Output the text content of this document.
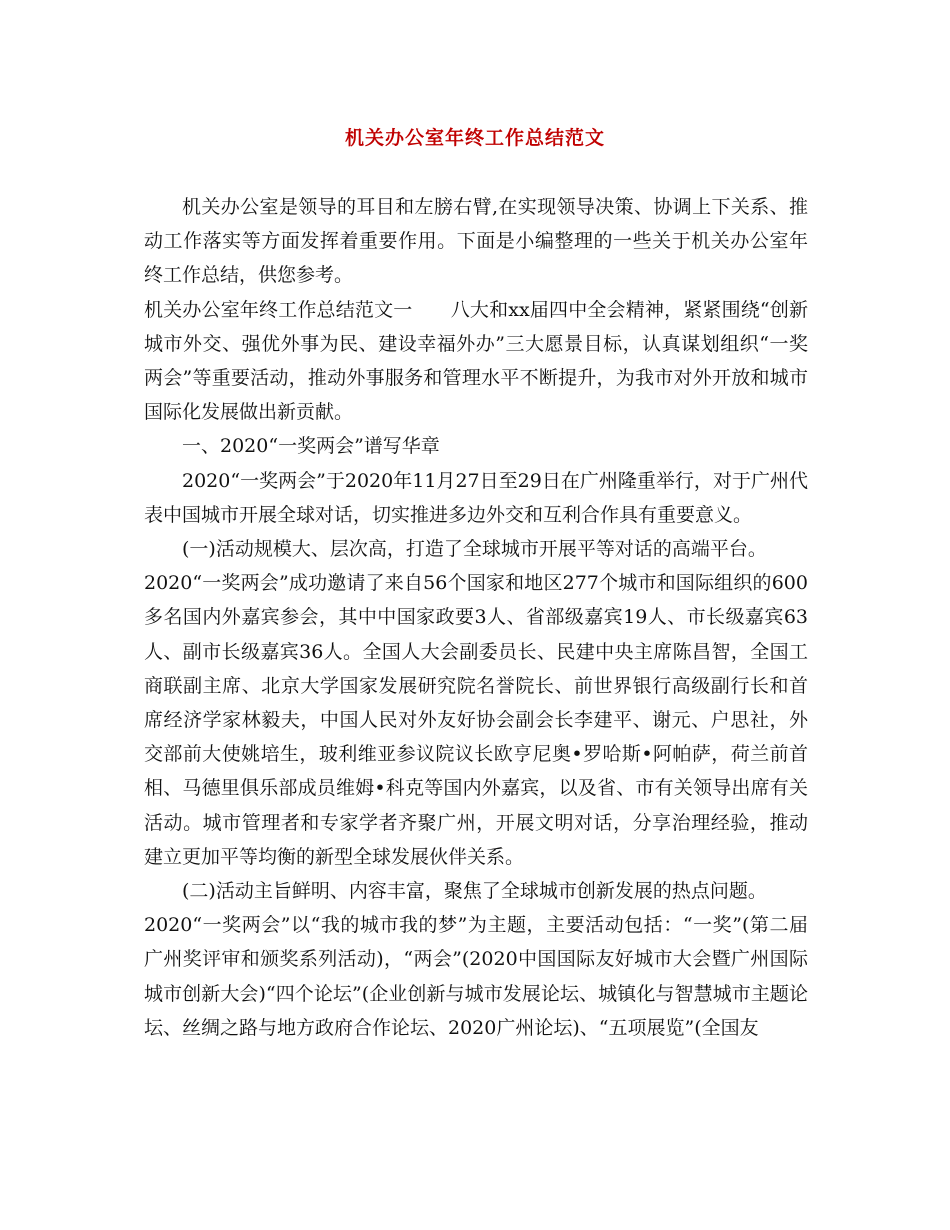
机关办公室年终工作总结范文

机关办公室是领导的耳目和左膀右臂,在实现领导决策、协调上下关系、推动工作落实等方面发挥着重要作用。下面是小编整理的一些关于机关办公室年终工作总结，供您参考。

机关办公室年终工作总结范文一　　八大和xx届四中全会精神，紧紧围绕“创新城市外交、强优外事为民、建设幸福外办”三大愿景目标，认真谋划组织“一奖两会”等重要活动，推动外事服务和管理水平不断提升，为我市对外开放和城市国际化发展做出新贡献。

一、2020“一奖两会”谱写华章

2020“一奖两会”于2020年11月27日至29日在广州隆重举行，对于广州代表中国城市开展全球对话，切实推进多边外交和互利合作具有重要意义。

(一)活动规模大、层次高，打造了全球城市开展平等对话的高端平台。

2020“一奖两会”成功邀请了来自56个国家和地区277个城市和国际组织的600多名国内外嘉宾参会，其中中国家政要3人、省部级嘉宾19人、市长级嘉宾63人、副市长级嘉宾36人。全国人大会副委员长、民建中央主席陈昌智，全国工商联副主席、北京大学国家发展研究院名誉院长、前世界银行高级副行长和首席经济学家林毅夫，中国人民对外友好协会副会长李建平、谢元、户思社，外交部前大使姚培生，玻利维亚参议院议长欧亨尼奥•罗哈斯•阿帕萨，荷兰前首相、马德里俱乐部成员维姆•科克等国内外嘉宾，以及省、市有关领导出席有关活动。城市管理者和专家学者齐聚广州，开展文明对话，分享治理经验，推动建立更加平等均衡的新型全球发展伙伴关系。

(二)活动主旨鲜明、内容丰富，聚焦了全球城市创新发展的热点问题。

2020“一奖两会”以“我的城市我的梦”为主题，主要活动包括：“一奖”(第二届广州奖评审和颁奖系列活动)，“两会”(2020中国国际友好城市大会暨广州国际城市创新大会)“四个论坛”(企业创新与城市发展论坛、城镇化与智慧城市主题论坛、丝绸之路与地方政府合作论坛、2020广州论坛)、“五项展览”(全国友
